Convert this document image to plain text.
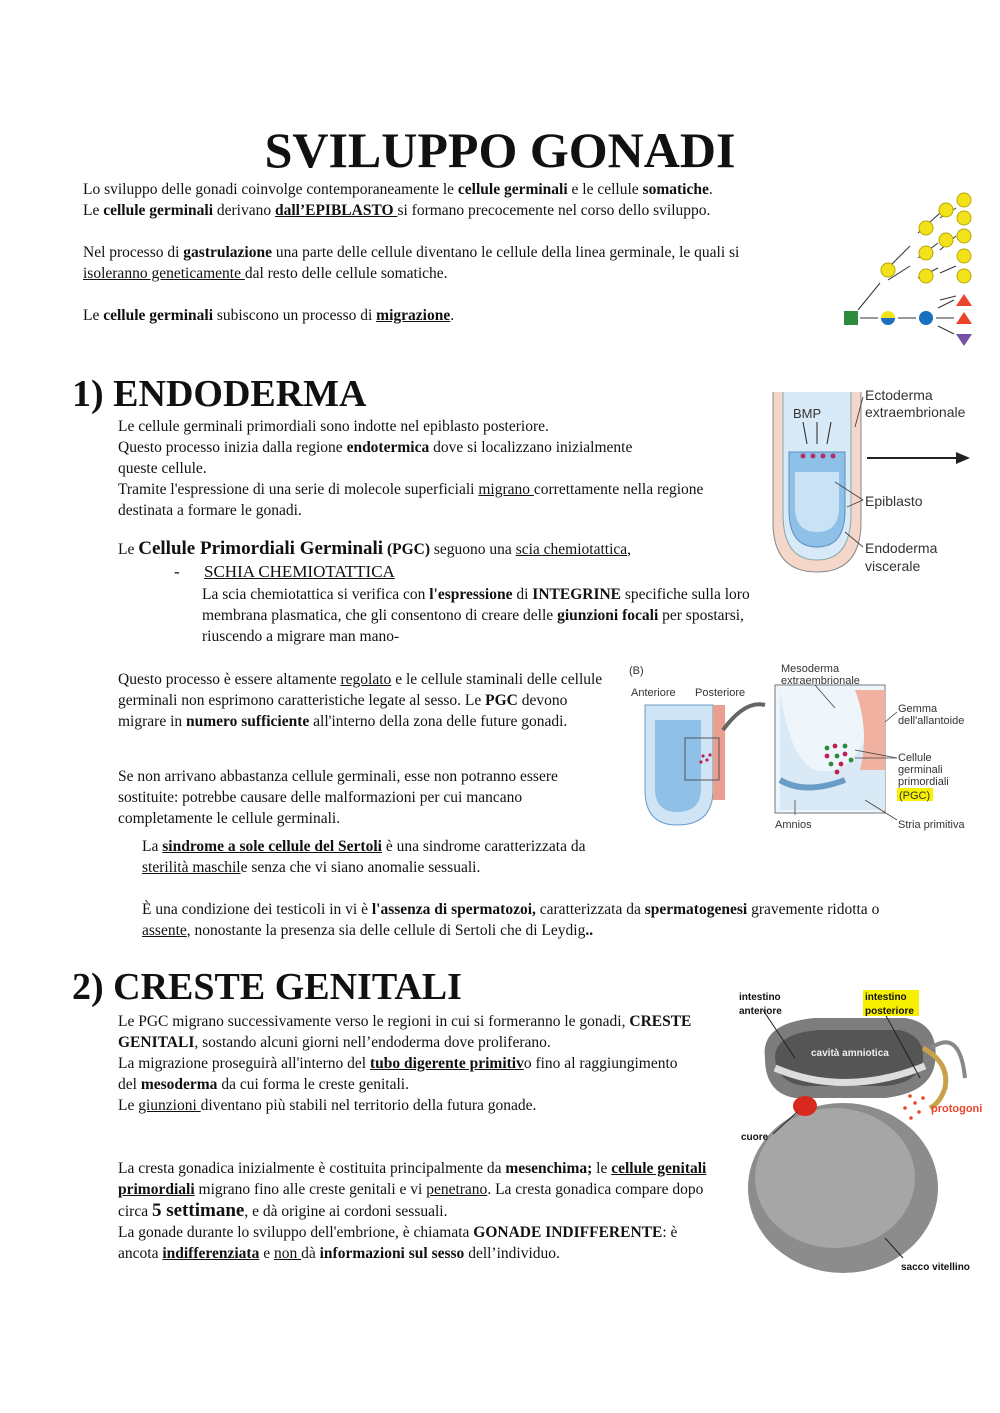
SVILUPPO GONADI

Lo sviluppo delle gonadi coinvolge contemporaneamente le cellule germinali e le cellule somatiche.

Le cellule germinali derivano dall’EPIBLASTO si formano precocemente nel corso dello sviluppo.

Nel processo di gastrulazione una parte delle cellule diventano le cellule della linea germinale, le quali si isoleranno geneticamente dal resto delle cellule somatiche.

Le cellule germinali subiscono un processo di migrazione.

1) ENDODERMA

Le cellule germinali primordiali sono indotte nel epiblasto posteriore.

Questo processo inizia dalla regione endotermica dove si localizzano inizialmente queste cellule.

Tramite l'espressione di una serie di molecole superficiali migrano correttamente nella regione destinata a formare le gonadi.

Le Cellule Primordiali Germinali (PGC) seguono una scia chemiotattica,

- SCHIA CHEMIOTATTICA

La scia chemiotattica si verifica con l'espressione di INTEGRINE specifiche sulla loro membrana plasmatica, che gli consentono di creare delle giunzioni focali per spostarsi, riuscendo a migrare man mano-

Questo processo è essere altamente regolato e le cellule staminali delle cellule germinali non esprimono caratteristiche legate al sesso. Le PGC devono migrare in numero sufficiente all'interno della zona delle future gonadi.

Se non arrivano abbastanza cellule germinali, esse non potranno essere sostituite: potrebbe causare delle malformazioni per cui mancano completamente le cellule germinali.

La sindrome a sole cellule del Sertoli è una sindrome caratterizzata da sterilità maschile senza che vi siano anomalie sessuali.

È una condizione dei testicoli in vi è l'assenza di spermatozoi, caratterizzata da spermatogenesi gravemente ridotta o assente, nonostante la presenza sia delle cellule di Sertoli che di Leydig..

BMP
Ectoderma
extraembrionale
Epiblasto
Endoderma
viscerale
(B)
Anteriore Posteriore
Mesoderma
extraembrionale
Gemma
dell'allantoide
Cellule
germinali
primordiali
(PGC)
Amnios	Stria primitiva
2) CRESTE GENITALI

Le PGC migrano successivamente verso le regioni in cui si formeranno le gonadi, CRESTE GENITALI, sostando alcuni giorni nell’endoderma dove proliferano.
La migrazione proseguirà all'interno del tubo digerente primitivo fino al raggiungimento del mesoderma da cui forma le creste genitali.
Le giunzioni diventano più stabili nel territorio della futura gonade.

La cresta gonadica inizialmente è costituita principalmente da mesenchima; le cellule genitali primordiali migrano fino alle creste genitali e vi penetrano. La cresta gonadica compare dopo circa 5 settimane, e dà origine ai cordoni sessuali.
La gonade durante lo sviluppo dell'embrione, è chiamata GONADE INDIFFERENTE: è ancota indifferenziata e non dà informazioni sul sesso dell’individuo.

intestino
anteriore
intestino
posteriore
cavità amniotica
protogoni
cuore
sacco vitellino
